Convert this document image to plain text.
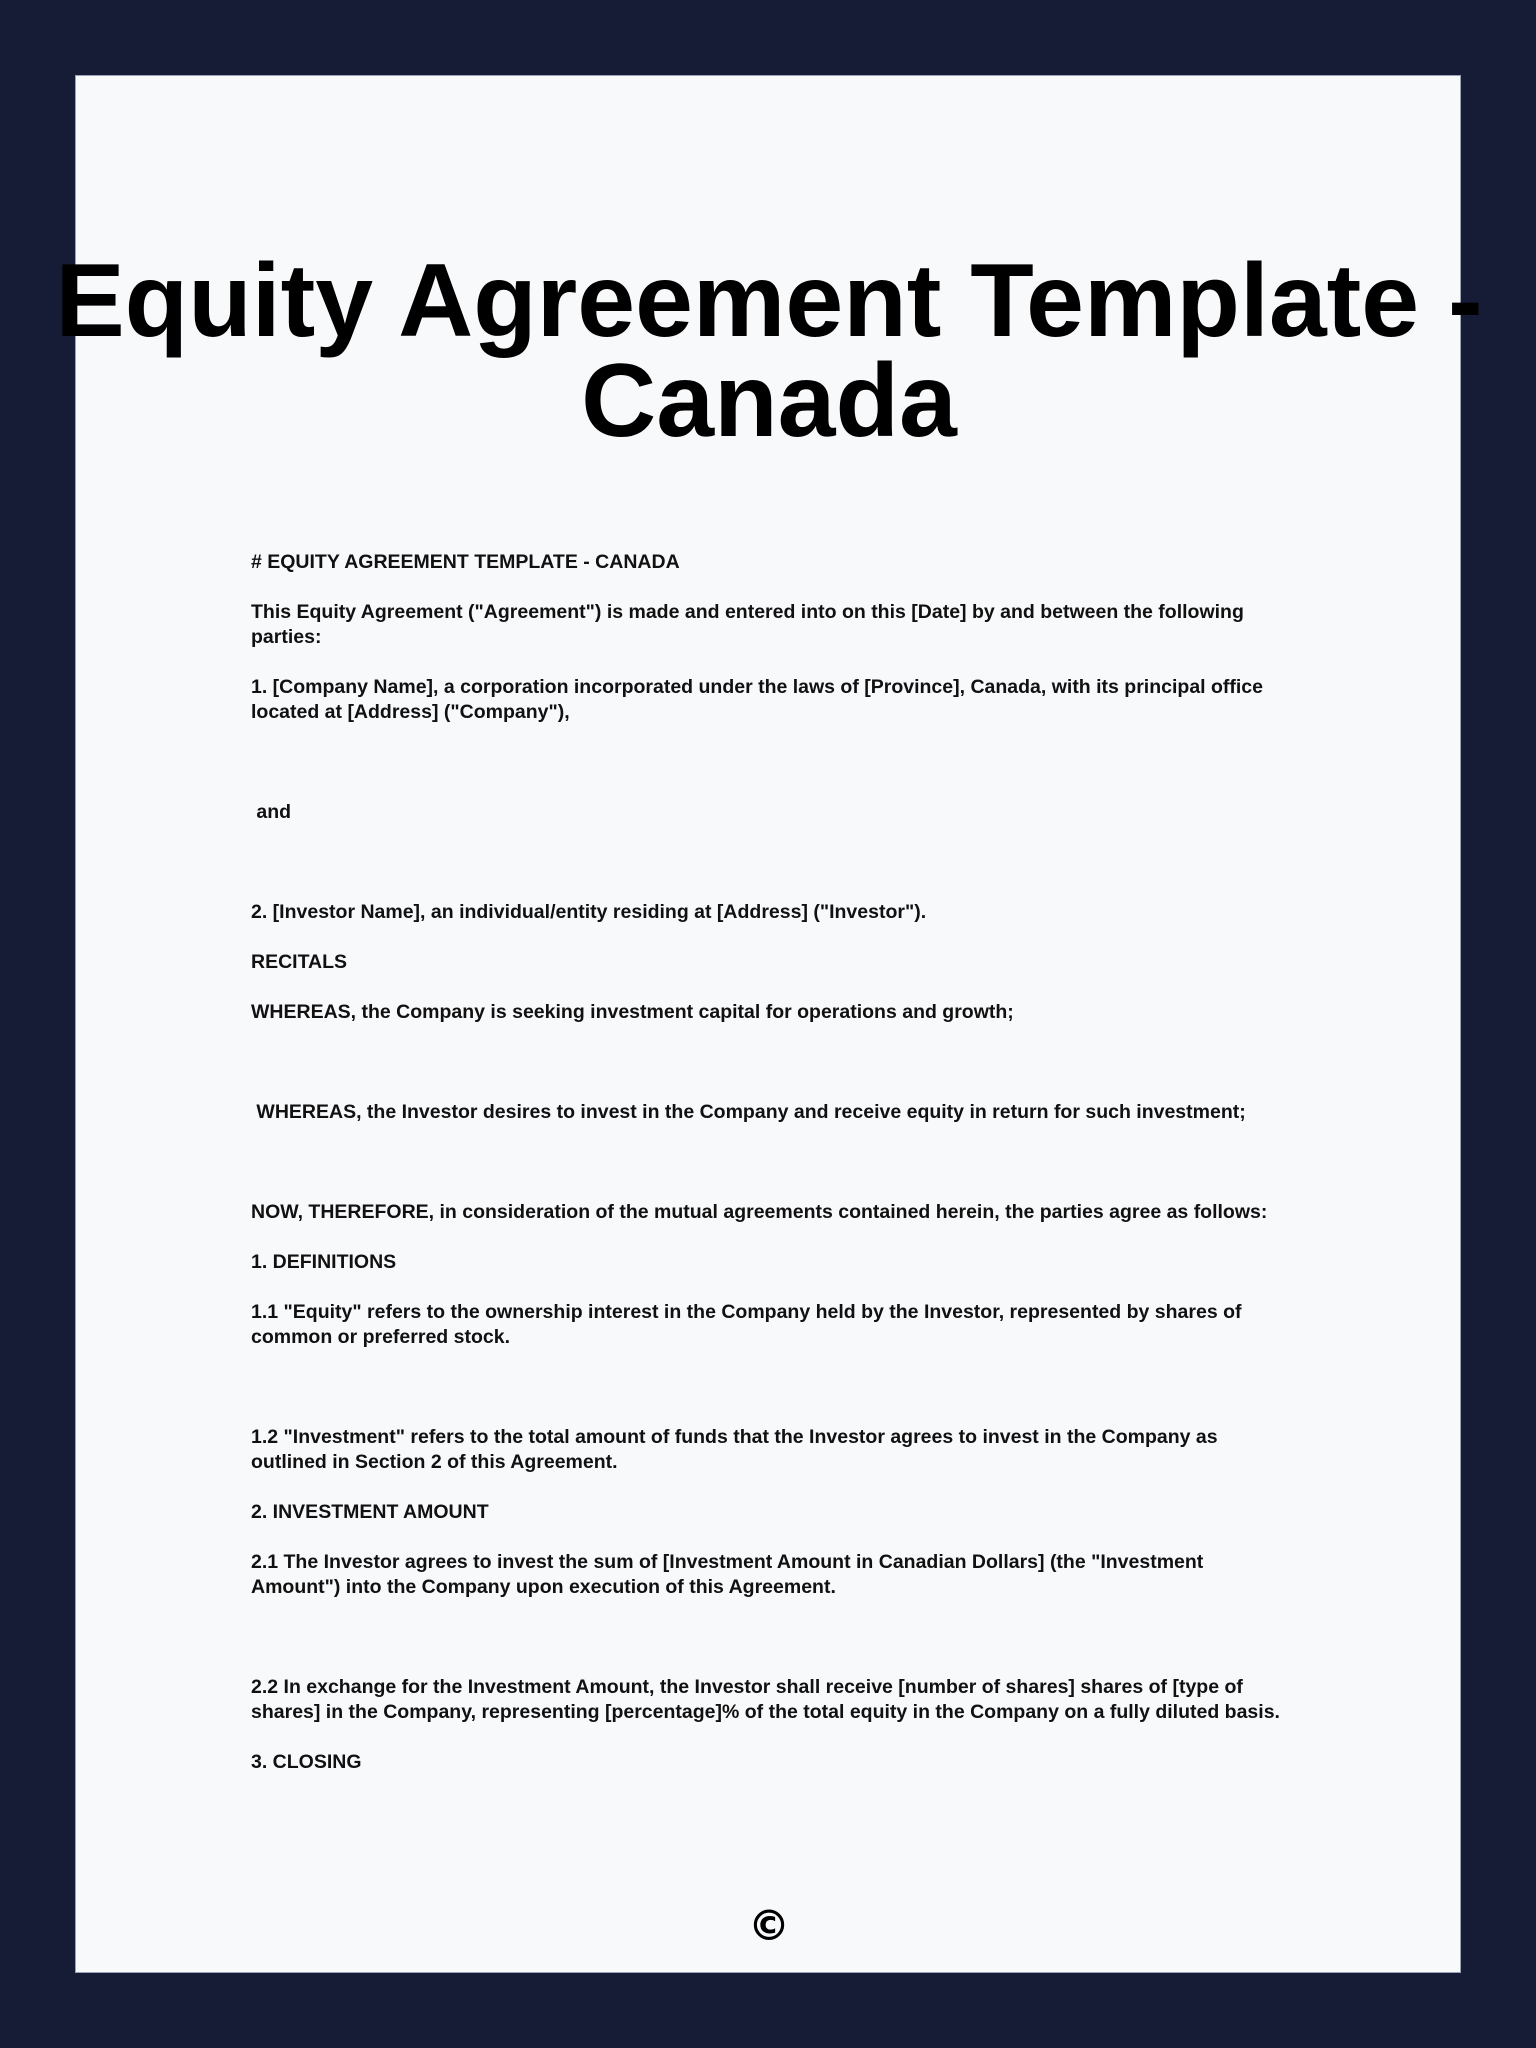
Equity Agreement Template - Canada

# EQUITY AGREEMENT TEMPLATE - CANADA

This Equity Agreement ("Agreement") is made and entered into on this [Date] by and between the following parties:

1. [Company Name], a corporation incorporated under the laws of [Province], Canada, with its principal office located at [Address] ("Company"),

and

2. [Investor Name], an individual/entity residing at [Address] ("Investor").

RECITALS

WHEREAS, the Company is seeking investment capital for operations and growth;

WHEREAS, the Investor desires to invest in the Company and receive equity in return for such investment;

NOW, THEREFORE, in consideration of the mutual agreements contained herein, the parties agree as follows:

1. DEFINITIONS

1.1 "Equity" refers to the ownership interest in the Company held by the Investor, represented by shares of common or preferred stock.

1.2 "Investment" refers to the total amount of funds that the Investor agrees to invest in the Company as outlined in Section 2 of this Agreement.

2. INVESTMENT AMOUNT

2.1 The Investor agrees to invest the sum of [Investment Amount in Canadian Dollars] (the "Investment Amount") into the Company upon execution of this Agreement.

2.2 In exchange for the Investment Amount, the Investor shall receive [number of shares] shares of [type of shares] in the Company, representing [percentage]% of the total equity in the Company on a fully diluted basis.

3. CLOSING

©
